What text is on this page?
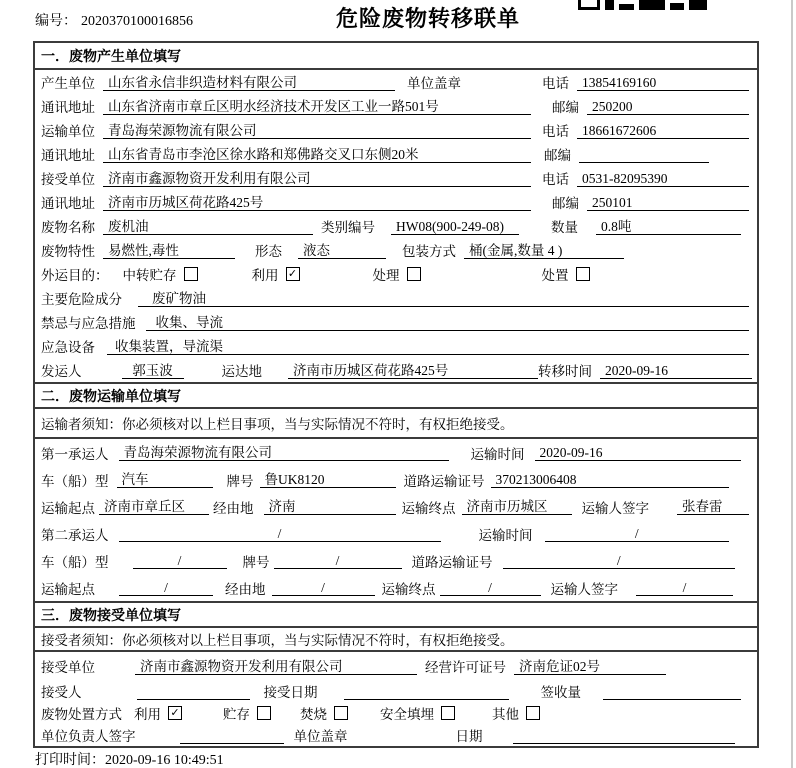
编号： 2020370100016856	危险废物转移联单
一．废物产生单位填写
产生单位 山东省永信非织造材料有限公司	单位盖章	电话 13854169160
通讯地址 山东省济南市章丘区明水经济技术开发区工业一路501号	邮编 250200
运输单位 青岛海荣源物流有限公司	电话 18661672606
通讯地址 山东省青岛市李沧区徐水路和郑佛路交叉口东侧20米	邮编
接受单位 济南市鑫源物资开发利用有限公司	电话 0531-82095390
通讯地址 济南市历城区荷花路425号	邮编 250101
废物名称 废机油	类别编号	HW08(900-249-08)	数量	0.8吨
废物特性 易燃性,毒性	形态	液态	包装方式 桶(金属,数量 4 )
外运目的： 中转贮存	利用 ✓	处理	处置
主要危险成分	废矿物油
禁忌与应急措施	收集、导流
应急设备	收集装置，导流渠
发运人	郭玉波	运达地	济南市历城区荷花路425号	转移时间 2020-09-16
二．废物运输单位填写
运输者须知：你必须核对以上栏目事项，当与实际情况不符时，有权拒绝接受。
第一承运人	青岛海荣源物流有限公司	运输时间	2020-09-16
车（船）型 汽车	牌号 鲁UK8120	道路运输证号 370213006408
运输起点 济南市章丘区	经由地	济南	运输终点 济南市历城区	运输人签字	张春雷
第二承运人	/	运输时间	/
车（船）型	/	牌号	/	道路运输证号	/
运输起点	/	经由地	/	运输终点	/	运输人签字	/
三．废物接受单位填写
接受者须知：你必须核对以上栏目事项，当与实际情况不符时，有权拒绝接受。
接受单位	济南市鑫源物资开发利用有限公司	经营许可证号 济南危证02号
接受人	接受日期	签收量
废物处置方式 利用 ✓	贮存	焚烧	安全填埋	其他
单位负责人签字	单位盖章	日期
打印时间：2020-09-16 10:49:51
